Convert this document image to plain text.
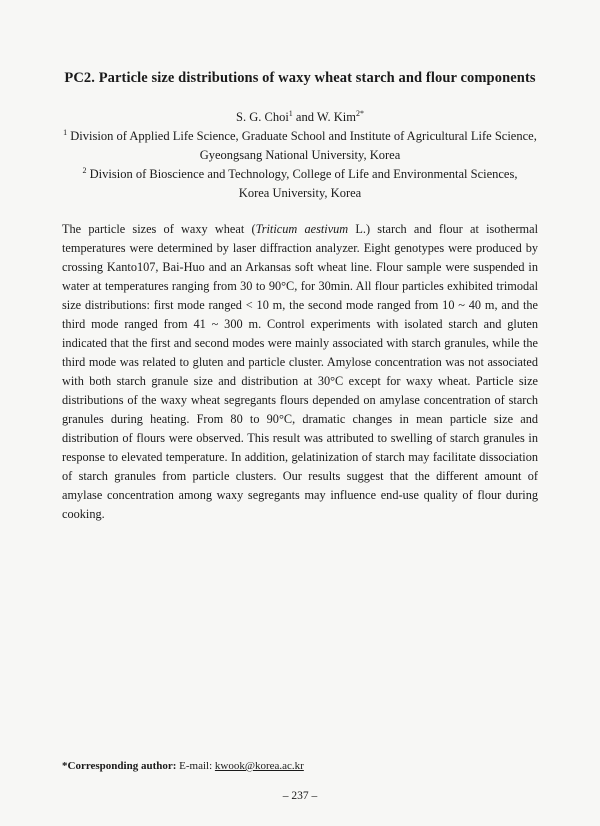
PC2. Particle size distributions of waxy wheat starch and flour components
S. G. Choi$^1$ and W. Kim$^{2*}$
$^1$ Division of Applied Life Science, Graduate School and Institute of Agricultural Life Science,
Gyeongsang National University, Korea
$^2$ Division of Bioscience and Technology, College of Life and Environmental Sciences,
Korea University, Korea

The particle sizes of waxy wheat (Triticum aestivum L.) starch and flour at isothermal temperatures were determined by laser diffraction analyzer. Eight genotypes were produced by crossing Kanto107, Bai-Huo and an Arkansas soft wheat line. Flour sample were suspended in water at temperatures ranging from 30 to 90°C, for 30min. All flour particles exhibited trimodal size distributions: first mode ranged < 10 m, the second mode ranged from 10 ~ 40 m, and the third mode ranged from 41 ~ 300 m. Control experiments with isolated starch and gluten indicated that the first and second modes were mainly associated with starch granules, while the third mode was related to gluten and particle cluster. Amylose concentration was not associated with both starch granule size and distribution at 30°C except for waxy wheat. Particle size distributions of the waxy wheat segregants flours depended on amylase concentration of starch granules during heating. From 80 to 90°C, dramatic changes in mean particle size and distribution of flours were observed. This result was attributed to swelling of starch granules in response to elevated temperature. In addition, gelatinization of starch may facilitate dissociation of starch granules from particle clusters. Our results suggest that the different amount of amylase concentration among waxy segregants may influence end-use quality of flour during cooking.

*Corresponding author: E-mail: kwook@korea.ac.kr
– 237 –
